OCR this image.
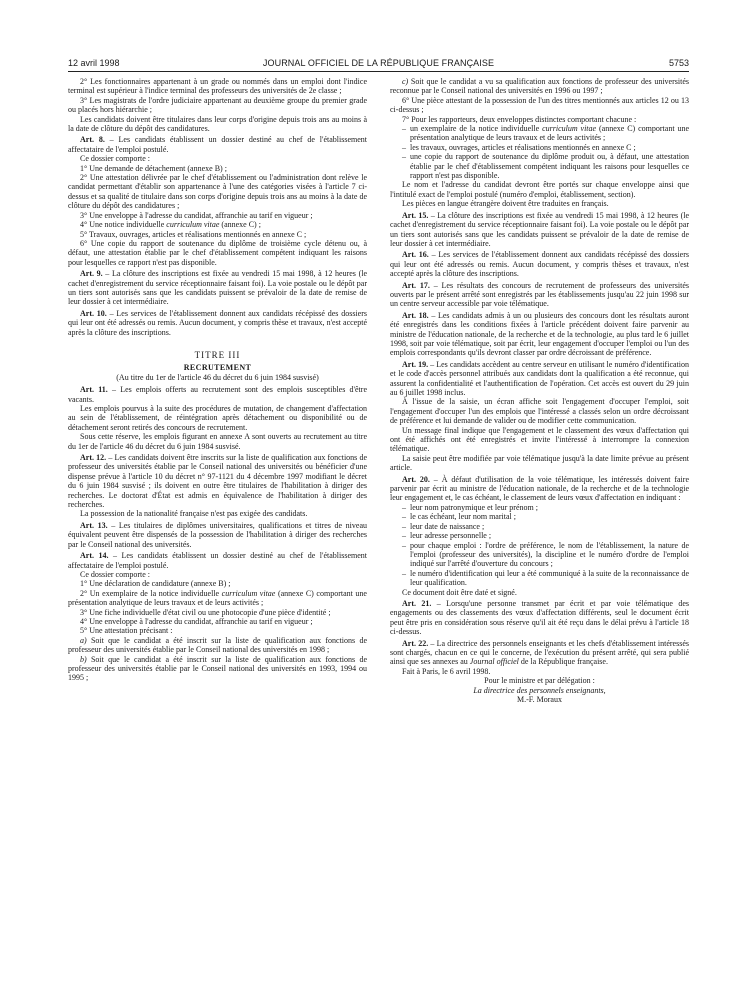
12 avril 1998	JOURNAL OFFICIEL DE LA RÉPUBLIQUE FRANÇAISE	5753

2° Les fonctionnaires appartenant à un grade ou nommés dans un emploi dont l'indice terminal est supérieur à l'indice terminal des professeurs des universités de 2e classe ;

3° Les magistrats de l'ordre judiciaire appartenant au deuxième groupe du premier grade ou placés hors hiérarchie ;

Les candidats doivent être titulaires dans leur corps d'origine depuis trois ans au moins à la date de clôture du dépôt des candidatures.

Art. 8. – Les candidats établissent un dossier destiné au chef de l'établissement affectataire de l'emploi postulé.

Ce dossier comporte :

1° Une demande de détachement (annexe B) ;

2° Une attestation délivrée par le chef d'établissement ou l'administration dont relève le candidat permettant d'établir son appartenance à l'une des catégories visées à l'article 7 ci-dessus et sa qualité de titulaire dans son corps d'origine depuis trois ans au moins à la date de clôture du dépôt des candidatures ;

3° Une enveloppe à l'adresse du candidat, affranchie au tarif en vigueur ;

4° Une notice individuelle curriculum vitae (annexe C) ;

5° Travaux, ouvrages, articles et réalisations mentionnés en annexe C ;

6° Une copie du rapport de soutenance du diplôme de troisième cycle détenu ou, à défaut, une attestation établie par le chef d'établissement compétent indiquant les raisons pour lesquelles ce rapport n'est pas disponible.

Art. 9. – La clôture des inscriptions est fixée au vendredi 15 mai 1998, à 12 heures (le cachet d'enregistrement du service réceptionnaire faisant foi). La voie postale ou le dépôt par un tiers sont autorisés sans que les candidats puissent se prévaloir de la date de remise de leur dossier à cet intermédiaire.

Art. 10. – Les services de l'établissement donnent aux candidats récépissé des dossiers qui leur ont été adressés ou remis. Aucun document, y compris thèse et travaux, n'est accepté après la clôture des inscriptions.

TITRE III

RECRUTEMENT

(Au titre du 1er de l'article 46 du décret du 6 juin 1984 susvisé)

Art. 11. – Les emplois offerts au recrutement sont des emplois susceptibles d'être vacants.

Les emplois pourvus à la suite des procédures de mutation, de changement d'affectation au sein de l'établissement, de réintégration après détachement ou disponibilité ou de détachement seront retirés des concours de recrutement.

Sous cette réserve, les emplois figurant en annexe A sont ouverts au recrutement au titre du 1er de l'article 46 du décret du 6 juin 1984 susvisé.

Art. 12. – Les candidats doivent être inscrits sur la liste de qualification aux fonctions de professeur des universités établie par le Conseil national des universités ou bénéficier d'une dispense prévue à l'article 10 du décret n° 97-1121 du 4 décembre 1997 modifiant le décret du 6 juin 1984 susvisé ; ils doivent en outre être titulaires de l'habilitation à diriger des recherches. Le doctorat d'État est admis en équivalence de l'habilitation à diriger des recherches.

La possession de la nationalité française n'est pas exigée des candidats.

Art. 13. – Les titulaires de diplômes universitaires, qualifications et titres de niveau équivalent peuvent être dispensés de la possession de l'habilitation à diriger des recherches par le Conseil national des universités.

Art. 14. – Les candidats établissent un dossier destiné au chef de l'établissement affectataire de l'emploi postulé.

Ce dossier comporte :

1° Une déclaration de candidature (annexe B) ;

2° Un exemplaire de la notice individuelle curriculum vitae (annexe C) comportant une présentation analytique de leurs travaux et de leurs activités ;

3° Une fiche individuelle d'état civil ou une photocopie d'une pièce d'identité ;

4° Une enveloppe à l'adresse du candidat, affranchie au tarif en vigueur ;

5° Une attestation précisant :

a) Soit que le candidat a été inscrit sur la liste de qualification aux fonctions de professeur des universités établie par le Conseil national des universités en 1998 ;

b) Soit que le candidat a été inscrit sur la liste de qualification aux fonctions de professeur des universités établie par le Conseil national des universités en 1993, 1994 ou 1995 ;

c) Soit que le candidat a vu sa qualification aux fonctions de professeur des universités reconnue par le Conseil national des universités en 1996 ou 1997 ;

6° Une pièce attestant de la possession de l'un des titres mentionnés aux articles 12 ou 13 ci-dessus ;

7° Pour les rapporteurs, deux enveloppes distinctes comportant chacune :

– un exemplaire de la notice individuelle curriculum vitae (annexe C) comportant une présentation analytique de leurs travaux et de leurs activités ;
– les travaux, ouvrages, articles et réalisations mentionnés en annexe C ;
– une copie du rapport de soutenance du diplôme produit ou, à défaut, une attestation établie par le chef d'établissement compétent indiquant les raisons pour lesquelles ce rapport n'est pas disponible.

Le nom et l'adresse du candidat devront être portés sur chaque enveloppe ainsi que l'intitulé exact de l'emploi postulé (numéro d'emploi, établissement, section).

Les pièces en langue étrangère doivent être traduites en français.

Art. 15. – La clôture des inscriptions est fixée au vendredi 15 mai 1998, à 12 heures (le cachet d'enregistrement du service réceptionnaire faisant foi). La voie postale ou le dépôt par un tiers sont autorisés sans que les candidats puissent se prévaloir de la date de remise de leur dossier à cet intermédiaire.

Art. 16. – Les services de l'établissement donnent aux candidats récépissé des dossiers qui leur ont été adressés ou remis. Aucun document, y compris thèses et travaux, n'est accepté après la clôture des inscriptions.

Art. 17. – Les résultats des concours de recrutement de professeurs des universités ouverts par le présent arrêté sont enregistrés par les établissements jusqu'au 22 juin 1998 sur un centre serveur accessible par voie télématique.

Art. 18. – Les candidats admis à un ou plusieurs des concours dont les résultats auront été enregistrés dans les conditions fixées à l'article précédent doivent faire parvenir au ministre de l'éducation nationale, de la recherche et de la technologie, au plus tard le 6 juillet 1998, soit par voie télématique, soit par écrit, leur engagement d'occuper l'emploi ou l'un des emplois correspondants qu'ils devront classer par ordre décroissant de préférence.

Art. 19. – Les candidats accèdent au centre serveur en utilisant le numéro d'identification et le code d'accès personnel attribués aux candidats dont la qualification a été reconnue, qui assurent la confidentialité et l'authentification de l'opération. Cet accès est ouvert du 29 juin au 6 juillet 1998 inclus.

À l'issue de la saisie, un écran affiche soit l'engagement d'occuper l'emploi, soit l'engagement d'occuper l'un des emplois que l'intéressé a classés selon un ordre décroissant de préférence et lui demande de valider ou de modifier cette communication.

Un message final indique que l'engagement et le classement des vœux d'affectation qui ont été affichés ont été enregistrés et invite l'intéressé à interrompre la connexion télématique.

La saisie peut être modifiée par voie télématique jusqu'à la date limite prévue au présent article.

Art. 20. – À défaut d'utilisation de la voie télématique, les intéressés doivent faire parvenir par écrit au ministre de l'éducation nationale, de la recherche et de la technologie leur engagement et, le cas échéant, le classement de leurs vœux d'affectation en indiquant :

– leur nom patronymique et leur prénom ;
– le cas échéant, leur nom marital ;
– leur date de naissance ;
– leur adresse personnelle ;
– pour chaque emploi : l'ordre de préférence, le nom de l'établissement, la nature de l'emploi (professeur des universités), la discipline et le numéro d'ordre de l'emploi indiqué sur l'arrêté d'ouverture du concours ;
– le numéro d'identification qui leur a été communiqué à la suite de la reconnaissance de leur qualification.

Ce document doit être daté et signé.

Art. 21. – Lorsqu'une personne transmet par écrit et par voie télématique des engagements ou des classements des vœux d'affectation différents, seul le document écrit peut être pris en considération sous réserve qu'il ait été reçu dans le délai prévu à l'article 18 ci-dessus.

Art. 22. – La directrice des personnels enseignants et les chefs d'établissement intéressés sont chargés, chacun en ce qui le concerne, de l'exécution du présent arrêté, qui sera publié ainsi que ses annexes au Journal officiel de la République française.

Fait à Paris, le 6 avril 1998.

Pour le ministre et par délégation :

La directrice des personnels enseignants,

M.-F. Moraux
